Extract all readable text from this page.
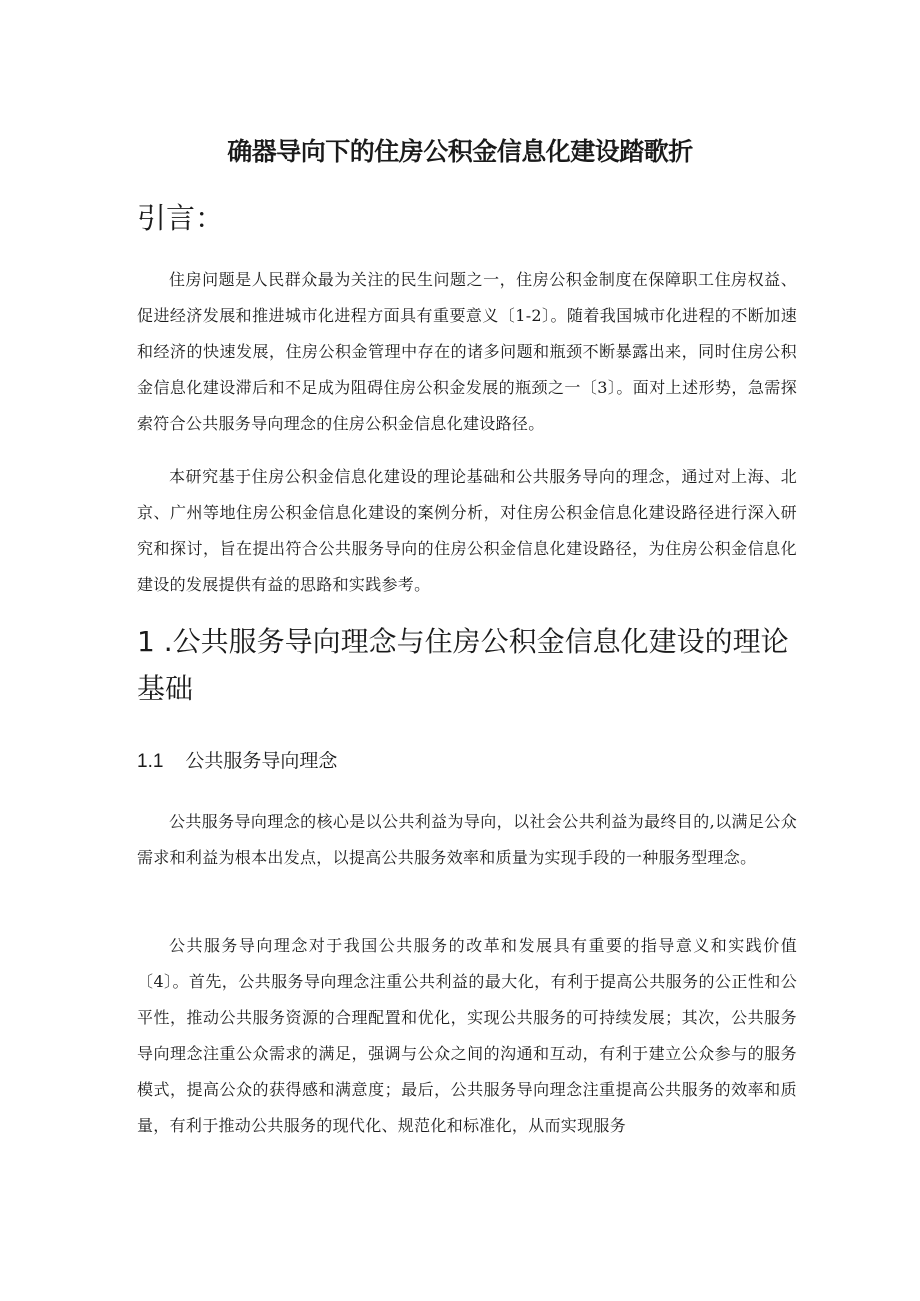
确器导向下的住房公积金信息化建设踏歌折
引言：

住房问题是人民群众最为关注的民生问题之一，住房公积金制度在保障职工住房权益、促进经济发展和推进城市化进程方面具有重要意义〔1-2〕。随着我国城市化进程的不断加速和经济的快速发展，住房公积金管理中存在的诸多问题和瓶颈不断暴露出来，同时住房公积金信息化建设滞后和不足成为阻碍住房公积金发展的瓶颈之一〔3〕。面对上述形势，急需探索符合公共服务导向理念的住房公积金信息化建设路径。

本研究基于住房公积金信息化建设的理论基础和公共服务导向的理念，通过对上海、北京、广州等地住房公积金信息化建设的案例分析，对住房公积金信息化建设路径进行深入研究和探讨，旨在提出符合公共服务导向的住房公积金信息化建设路径，为住房公积金信息化建设的发展提供有益的思路和实践参考。

1 .公共服务导向理念与住房公积金信息化建设的理论基础
1.1 公共服务导向理念

公共服务导向理念的核心是以公共利益为导向，以社会公共利益为最终目的,以满足公众需求和利益为根本出发点，以提高公共服务效率和质量为实现手段的一种服务型理念。

公共服务导向理念对于我国公共服务的改革和发展具有重要的指导意义和实践价值〔4〕。首先，公共服务导向理念注重公共利益的最大化，有利于提高公共服务的公正性和公平性，推动公共服务资源的合理配置和优化，实现公共服务的可持续发展；其次，公共服务导向理念注重公众需求的满足，强调与公众之间的沟通和互动，有利于建立公众参与的服务模式，提高公众的获得感和满意度；最后，公共服务导向理念注重提高公共服务的效率和质量，有利于推动公共服务的现代化、规范化和标准化，从而实现服务
